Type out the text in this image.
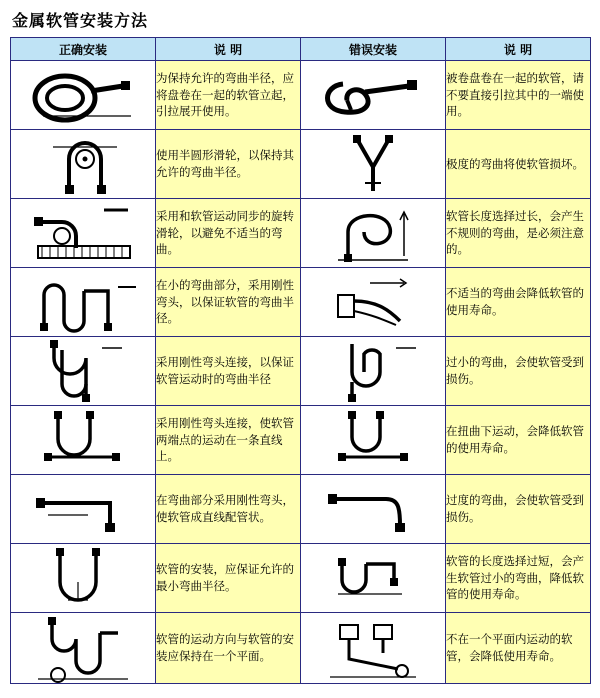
金属软管安装方法
正确安装	说 明	错误安装	说 明

	为保持允许的弯曲半径，应将盘卷在一起的软管立起，引拉展开使用。		被卷盘卷在一起的软管，请不要直接引拉其中的一端使用。

	使用半圆形滑轮，以保持其允许的弯曲半径。		极度的弯曲将使软管损坏。

	采用和软管运动同步的旋转滑轮，以避免不适当的弯曲。		软管长度选择过长，会产生不规则的弯曲，是必须注意的。

	在小的弯曲部分，采用刚性弯头，以保证软管的弯曲半径。		不适当的弯曲会降低软管的使用寿命。

	采用刚性弯头连接，以保证软管运动时的弯曲半径		过小的弯曲，会使软管受到损伤。

	采用刚性弯头连接，使软管两端点的运动在一条直线上。		在扭曲下运动，会降低软管的使用寿命。

	在弯曲部分采用刚性弯头，使软管成直线配管状。		过度的弯曲，会使软管受到损伤。

	软管的安装，应保证允许的最小弯曲半径。		软管的长度选择过短，会产生软管过小的弯曲，降低软管的使用寿命。

	软管的运动方向与软管的安装应保持在一个平面。		不在一个平面内运动的软管，会降低使用寿命。
